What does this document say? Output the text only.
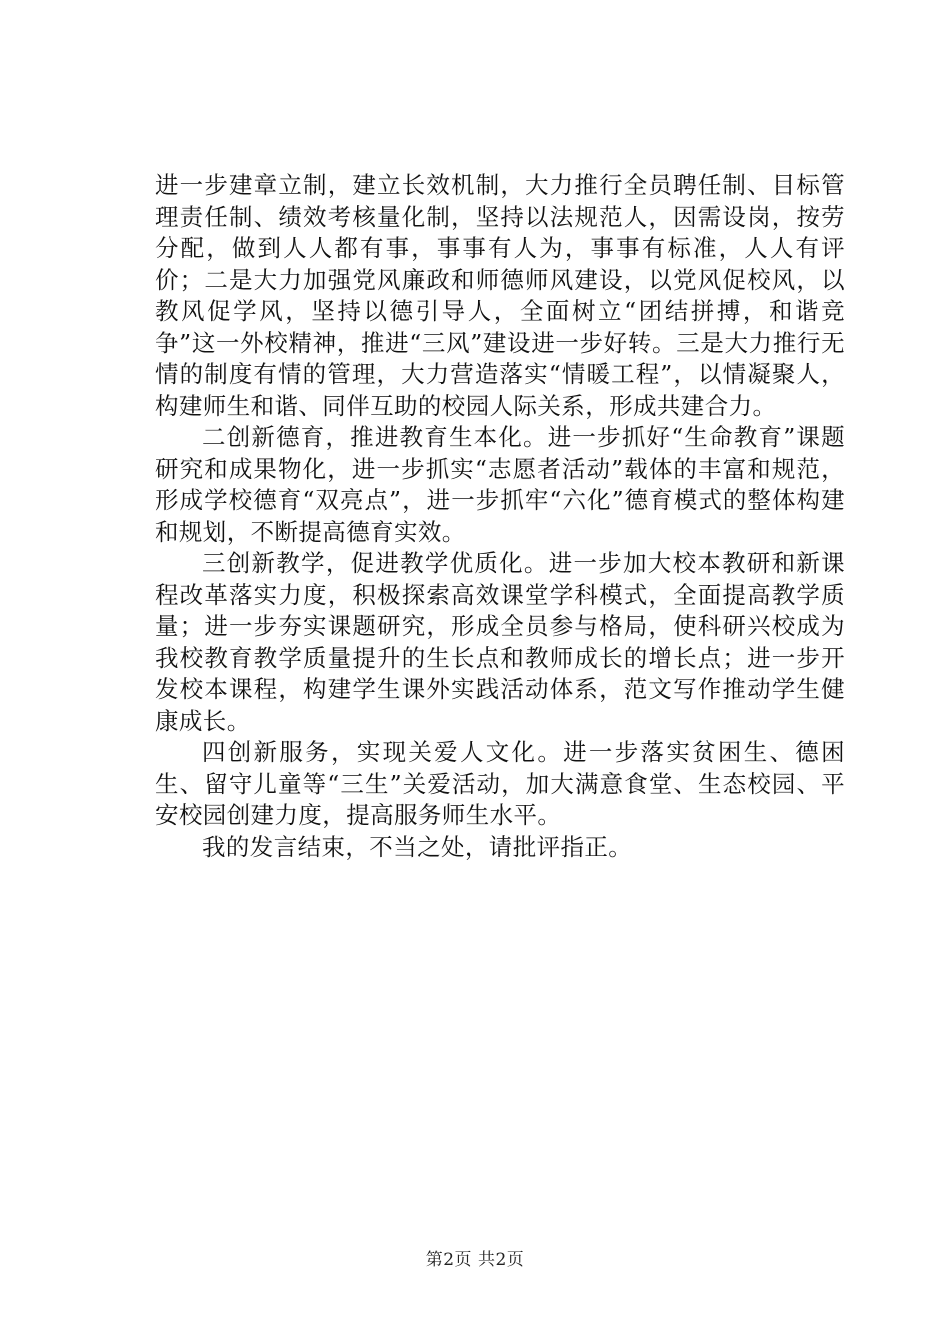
进一步建章立制，建立长效机制，大力推行全员聘任制、目标管理责任制、绩效考核量化制，坚持以法规范人，因需设岗，按劳分配，做到人人都有事，事事有人为，事事有标准，人人有评价；二是大力加强党风廉政和师德师风建设，以党风促校风，以教风促学风，坚持以德引导人，全面树立“团结拼搏，和谐竞争”这一外校精神，推进“三风”建设进一步好转。三是大力推行无情的制度有情的管理，大力营造落实“情暖工程”，以情凝聚人，构建师生和谐、同伴互助的校园人际关系，形成共建合力。

二创新德育，推进教育生本化。进一步抓好“生命教育”课题研究和成果物化，进一步抓实“志愿者活动”载体的丰富和规范，形成学校德育“双亮点”，进一步抓牢“六化”德育模式的整体构建和规划，不断提高德育实效。

三创新教学，促进教学优质化。进一步加大校本教研和新课程改革落实力度，积极探索高效课堂学科模式，全面提高教学质量；进一步夯实课题研究，形成全员参与格局，使科研兴校成为我校教育教学质量提升的生长点和教师成长的增长点；进一步开发校本课程，构建学生课外实践活动体系，范文写作推动学生健康成长。

四创新服务，实现关爱人文化。进一步落实贫困生、德困生、留守儿童等“三生”关爱活动，加大满意食堂、生态校园、平安校园创建力度，提高服务师生水平。

我的发言结束，不当之处，请批评指正。

第2页 共2页
